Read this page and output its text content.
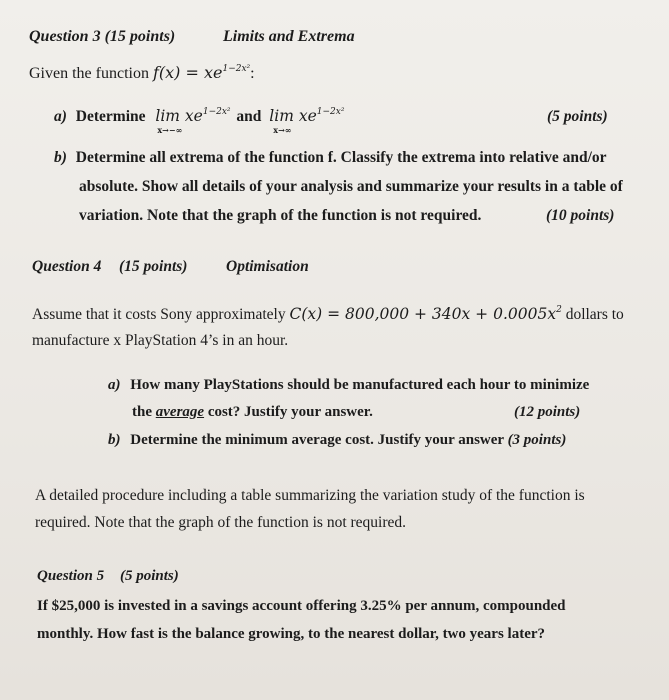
Question 3 (15 points)	Limits and Extrema
Given the function $f(x) = xe^{1-2x^2}$:
a) Determine $\lim xe^{1-2x^2}$
x→−∞
and $\lim xe^{1-2x^2}$
x→∞
(5 points)
b) Determine all extrema of the function f. Classify the extrema into relative and/or
absolute. Show all details of your analysis and summarize your results in a table of
variation. Note that the graph of the function is not required.	(10 points)
Question 4 (15 points) Optimisation
Assume that it costs Sony approximately $C(x) = 800,000 + 340x + 0.0005x^2$ dollars to
manufacture x PlayStation 4’s in an hour.
a) How many PlayStations should be manufactured each hour to minimize
the average cost? Justify your answer.	(12 points)
b) Determine the minimum average cost. Justify your answer (3 points)
A detailed procedure including a table summarizing the variation study of the function is
required. Note that the graph of the function is not required.
Question 5 (5 points)
If $25,000 is invested in a savings account offering 3.25% per annum, compounded
monthly. How fast is the balance growing, to the nearest dollar, two years later?
